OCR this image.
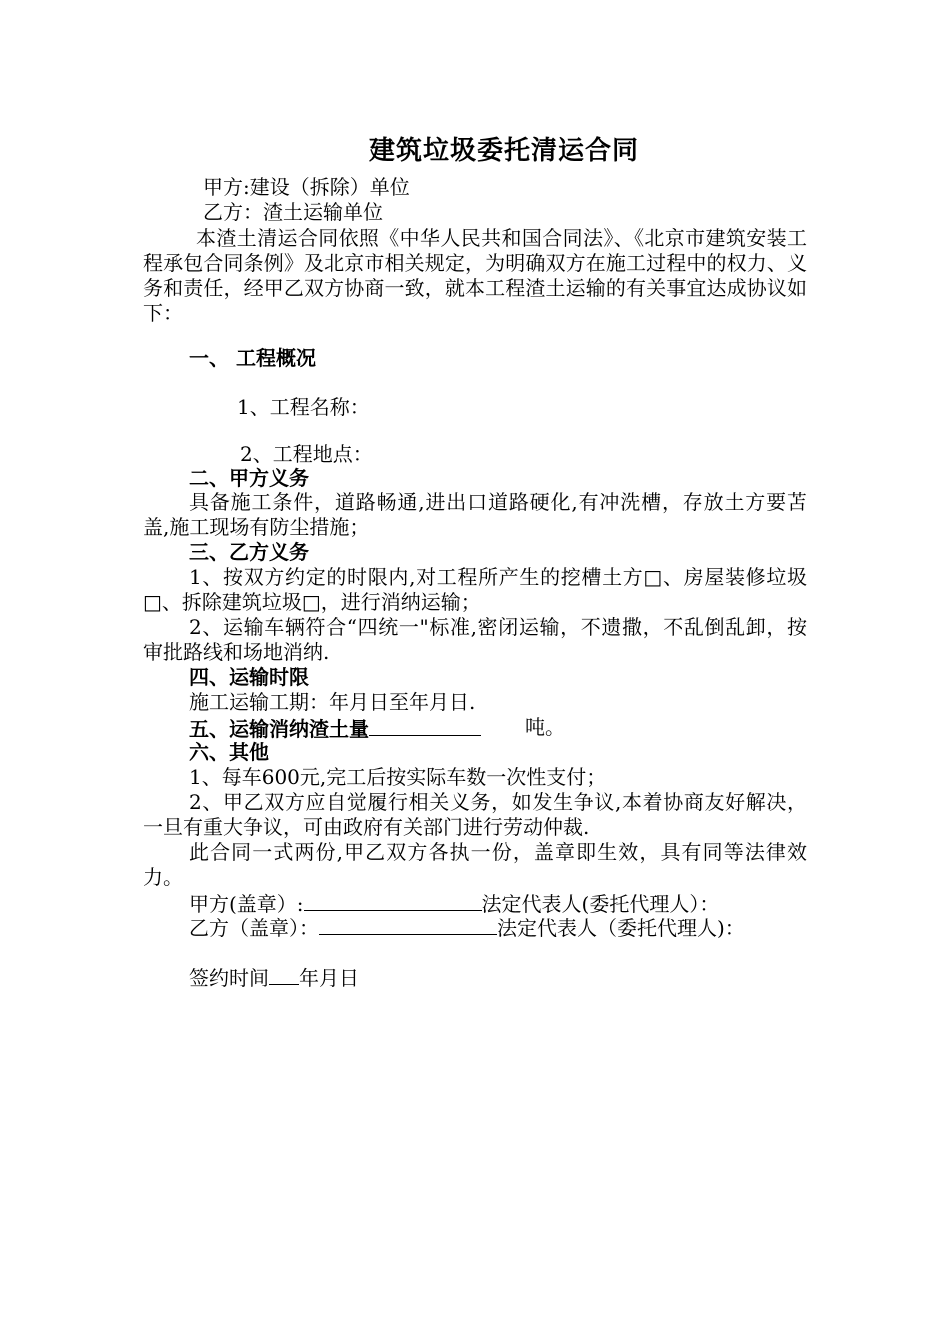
建筑垃圾委托清运合同
甲方:建设（拆除）单位
乙方：渣土运输单位
本渣土清运合同依照《中华人民共和国合同法》、《北京市建筑安装工程承包合同条例》及北京市相关规定，为明确双方在施工过程中的权力、义务和责任，经甲乙双方协商一致，就本工程渣土运输的有关事宜达成协议如下：
一、 工程概况
1、工程名称：
2、工程地点：
二、甲方义务
具备施工条件，道路畅通,进出口道路硬化,有冲洗槽，存放土方要苫盖,施工现场有防尘措施；
三、乙方义务
1、按双方约定的时限内,对工程所产生的挖槽土方□、房屋装修垃圾□、拆除建筑垃圾□，进行消纳运输；
2、运输车辆符合“四统一"标准,密闭运输，不遗撒，不乱倒乱卸，按审批路线和场地消纳.
四、运输时限
施工运输工期：年月日至年月日.
五、运输消纳渣土量	吨。
六、其他
1、每车600元,完工后按实际车数一次性支付；
2、甲乙双方应自觉履行相关义务，如发生争议,本着协商友好解决，一旦有重大争议，可由政府有关部门进行劳动仲裁.
此合同一式两份,甲乙双方各执一份，盖章即生效，具有同等法律效力。
甲方(盖章）:	法定代表人(委托代理人）：
乙方（盖章）：	法定代表人（委托代理人)：
签约时间 年月日
